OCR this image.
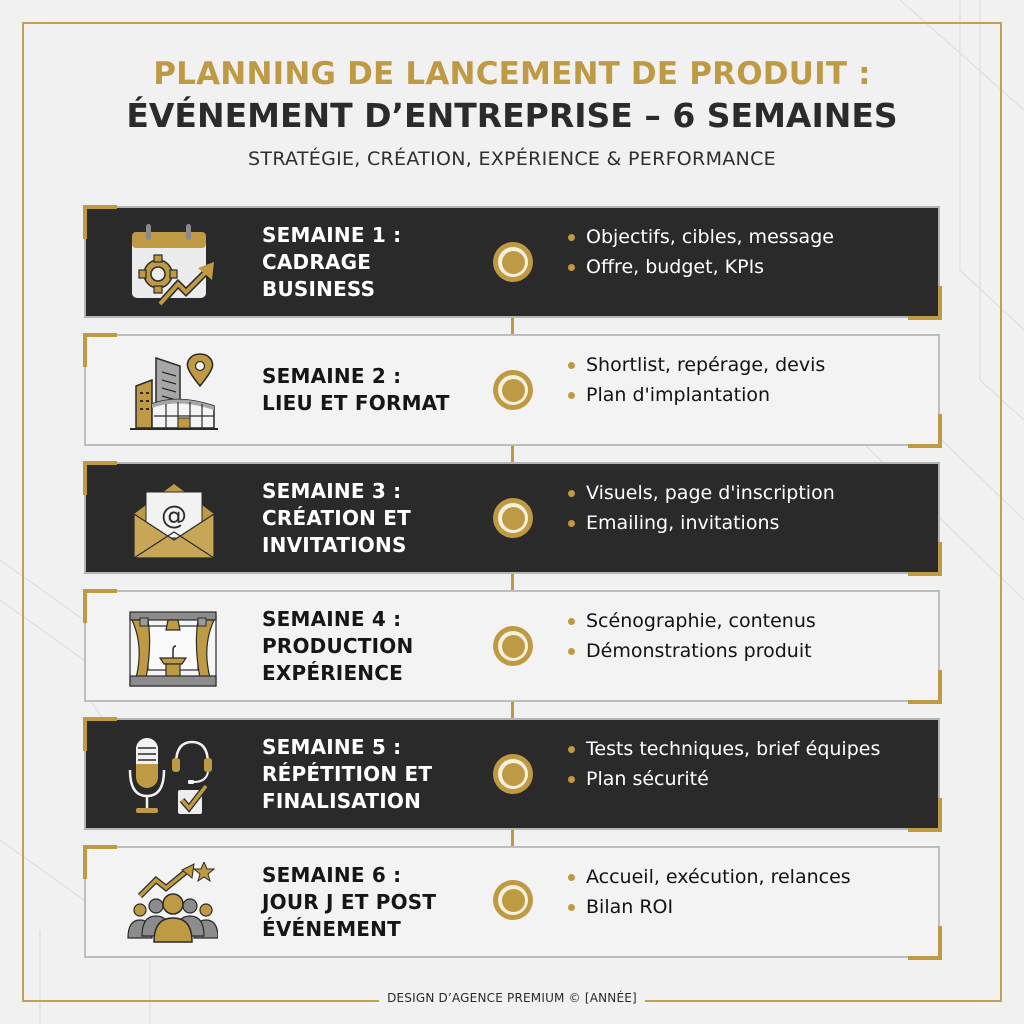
PLANNING DE LANCEMENT DE PRODUIT :
ÉVÉNEMENT D’ENTREPRISE – 6 SEMAINES
STRATÉGIE, CRÉATION, EXPÉRIENCE & PERFORMANCE
SEMAINE 1 :
CADRAGE
BUSINESS
Objectifs, cibles, message
Offre, budget, KPIs
SEMAINE 2 :
LIEU ET FORMAT
Shortlist, repérage, devis
Plan d'implantation
@
SEMAINE 3 :
CRÉATION ET
INVITATIONS
Visuels, page d'inscription
Emailing, invitations
SEMAINE 4 :
PRODUCTION
EXPÉRIENCE
Scénographie, contenus
Démonstrations produit
SEMAINE 5 :
RÉPÉTITION ET
FINALISATION
Tests techniques, brief équipes
Plan sécurité
SEMAINE 6 :
JOUR J ET POST
ÉVÉNEMENT
Accueil, exécution, relances
Bilan ROI
DESIGN D’AGENCE PREMIUM © [ANNÉE]
